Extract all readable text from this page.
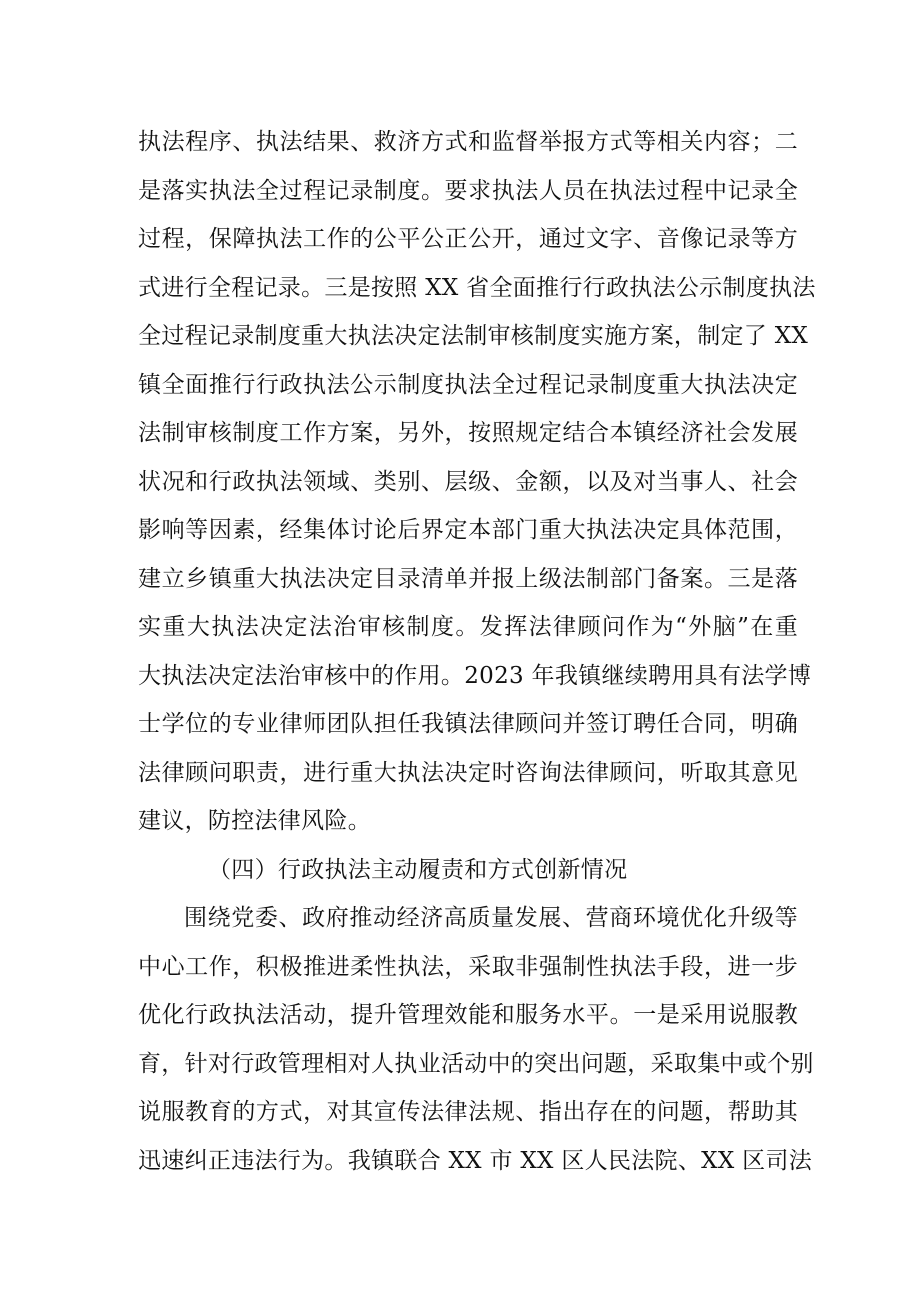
执法程序、执法结果、救济方式和监督举报方式等相关内容；二
是落实执法全过程记录制度。要求执法人员在执法过程中记录全
过程，保障执法工作的公平公正公开，通过文字、音像记录等方
式进行全程记录。三是按照 XX 省全面推行行政执法公示制度执法
全过程记录制度重大执法决定法制审核制度实施方案，制定了 XX
镇全面推行行政执法公示制度执法全过程记录制度重大执法决定
法制审核制度工作方案，另外，按照规定结合本镇经济社会发展
状况和行政执法领域、类别、层级、金额，以及对当事人、社会
影响等因素，经集体讨论后界定本部门重大执法决定具体范围，
建立乡镇重大执法决定目录清单并报上级法制部门备案。三是落
实重大执法决定法治审核制度。发挥法律顾问作为“外脑”在重
大执法决定法治审核中的作用。2023 年我镇继续聘用具有法学博
士学位的专业律师团队担任我镇法律顾问并签订聘任合同，明确
法律顾问职责，进行重大执法决定时咨询法律顾问，听取其意见
建议，防控法律风险。
（四）行政执法主动履责和方式创新情况
围绕党委、政府推动经济高质量发展、营商环境优化升级等
中心工作，积极推进柔性执法，采取非强制性执法手段，进一步
优化行政执法活动，提升管理效能和服务水平。一是采用说服教
育，针对行政管理相对人执业活动中的突出问题，采取集中或个别
说服教育的方式，对其宣传法律法规、指出存在的问题，帮助其
迅速纠正违法行为。我镇联合 XX 市 XX 区人民法院、XX 区司法
